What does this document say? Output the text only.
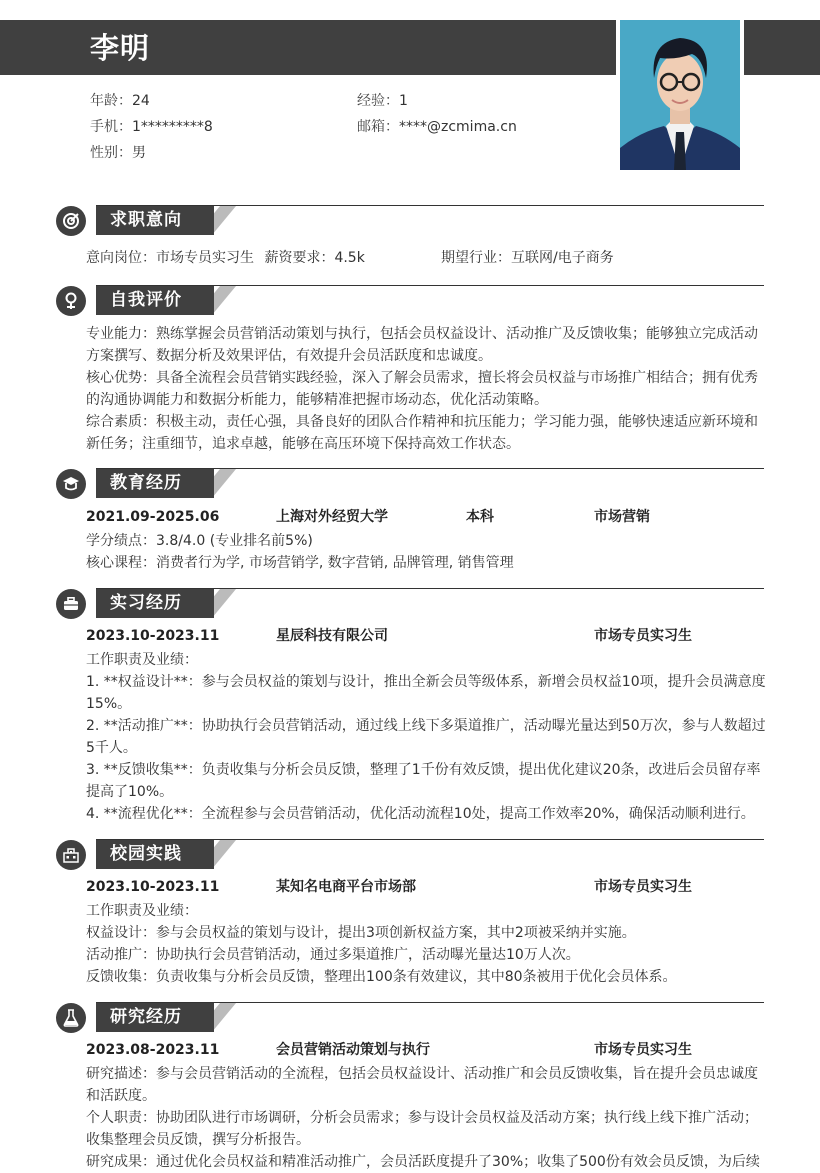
李明
年龄：24	经验：1
手机：1*********8	邮箱：****@zcmima.cn
性别：男
求职意向
意向岗位：市场专员实习生 薪资要求：4.5k	期望行业：互联网/电子商务
自我评价
专业能力：熟练掌握会员营销活动策划与执行，包括会员权益设计、活动推广及反馈收集；能够独立完成活动方案撰写、数据分析及效果评估，有效提升会员活跃度和忠诚度。
核心优势：具备全流程会员营销实践经验，深入了解会员需求，擅长将会员权益与市场推广相结合；拥有优秀的沟通协调能力和数据分析能力，能够精准把握市场动态，优化活动策略。
综合素质：积极主动，责任心强，具备良好的团队合作精神和抗压能力；学习能力强，能够快速适应新环境和新任务；注重细节，追求卓越，能够在高压环境下保持高效工作状态。
教育经历
2021.09-2025.06	上海对外经贸大学	本科	市场营销
学分绩点：3.8/4.0 (专业排名前5%)
核心课程：消费者行为学, 市场营销学, 数字营销, 品牌管理, 销售管理
实习经历
2023.10-2023.11	星辰科技有限公司	市场专员实习生
工作职责及业绩：
1. **权益设计**：参与会员权益的策划与设计，推出全新会员等级体系，新增会员权益10项，提升会员满意度15%。
2. **活动推广**：协助执行会员营销活动，通过线上线下多渠道推广，活动曝光量达到50万次，参与人数超过5千人。
3. **反馈收集**：负责收集与分析会员反馈，整理了1千份有效反馈，提出优化建议20条，改进后会员留存率提高了10%。
4. **流程优化**：全流程参与会员营销活动，优化活动流程10处，提高工作效率20%，确保活动顺利进行。
校园实践
2023.10-2023.11	某知名电商平台市场部	市场专员实习生
工作职责及业绩：
权益设计：参与会员权益的策划与设计，提出3项创新权益方案，其中2项被采纳并实施。
活动推广：协助执行会员营销活动，通过多渠道推广，活动曝光量达10万人次。
反馈收集：负责收集与分析会员反馈，整理出100条有效建议，其中80条被用于优化会员体系。
研究经历
2023.08-2023.11	会员营销活动策划与执行	市场专员实习生
研究描述：参与会员营销活动的全流程，包括会员权益设计、活动推广和会员反馈收集，旨在提升会员忠诚度和活跃度。
个人职责：协助团队进行市场调研，分析会员需求；参与设计会员权益及活动方案；执行线上线下推广活动；收集整理会员反馈，撰写分析报告。
研究成果：通过优化会员权益和精准活动推广，会员活跃度提升了30%；收集了500份有效会员反馈，为后续
